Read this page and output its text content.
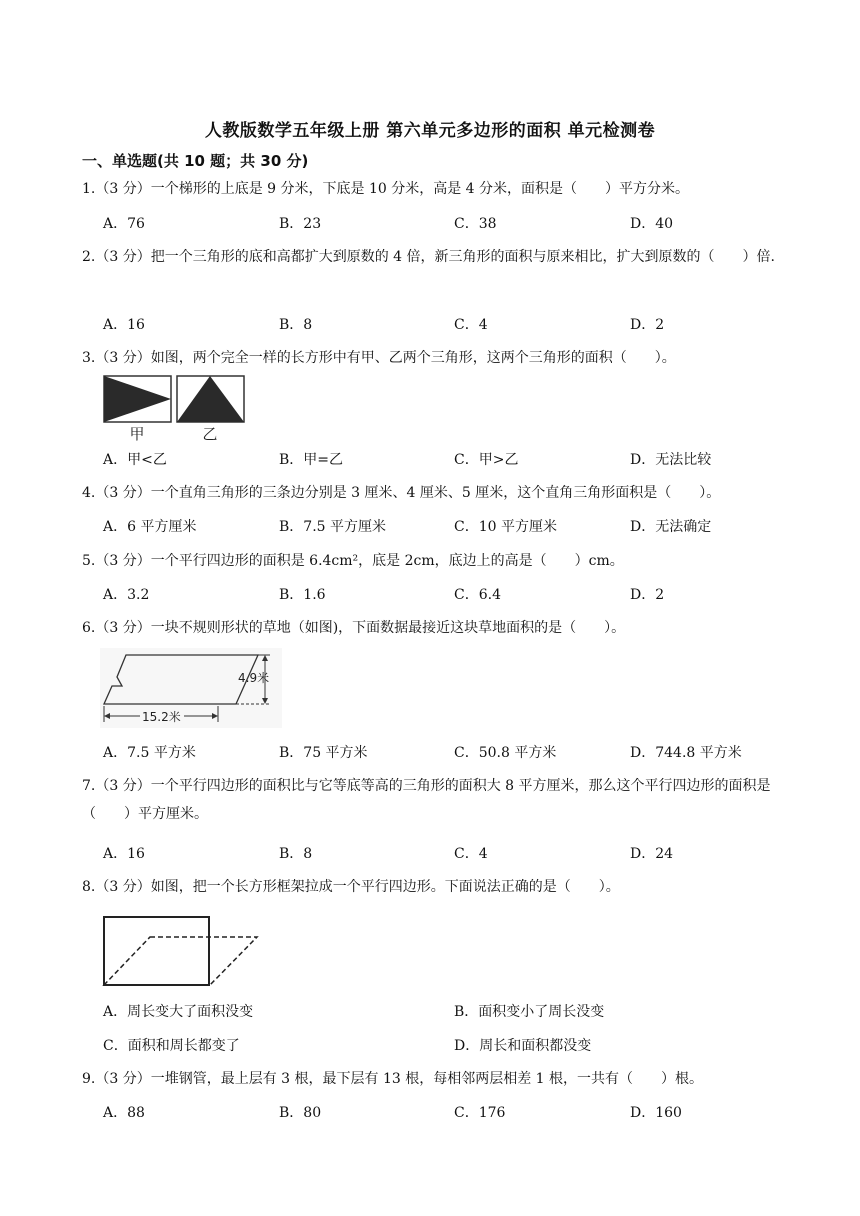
人教版数学五年级上册 第六单元多边形的面积 单元检测卷
一、单选题(共 10 题；共 30 分)
1.（3 分）一个梯形的上底是 9 分米，下底是 10 分米，高是 4 分米，面积是（　　）平方分米。
A．76	B．23	C．38	D．40
2.（3 分）把一个三角形的底和高都扩大到原数的 4 倍，新三角形的面积与原来相比，扩大到原数的（　　）倍.
A．16	B．8	C．4	D．2
3.（3 分）如图，两个完全一样的长方形中有甲、乙两个三角形，这两个三角形的面积（　　）。
甲	乙
A．甲<乙	B．甲=乙	C．甲>乙	D．无法比较
4.（3 分）一个直角三角形的三条边分别是 3 厘米、4 厘米、5 厘米，这个直角三角形面积是（　　）。
A．6 平方厘米	B．7.5 平方厘米	C．10 平方厘米	D．无法确定
5.（3 分）一个平行四边形的面积是 6.4cm²，底是 2cm，底边上的高是（　　）cm。
A．3.2	B．1.6	C．6.4	D．2
6.（3 分）一块不规则形状的草地（如图)，下面数据最接近这块草地面积的是（　　）。
4.9米
15.2米
A．7.5 平方米	B．75 平方米	C．50.8 平方米	D．744.8 平方米
7.（3 分）一个平行四边形的面积比与它等底等高的三角形的面积大 8 平方厘米，那么这个平行四边形的面积是（　　）平方厘米。
A．16	B．8	C．4	D．24
8.（3 分）如图，把一个长方形框架拉成一个平行四边形。下面说法正确的是（　　）。
A．周长变大了面积没变	B．面积变小了周长没变
C．面积和周长都变了	D．周长和面积都没变
9.（3 分）一堆钢管，最上层有 3 根，最下层有 13 根，每相邻两层相差 1 根，一共有（　　）根。
A．88	B．80	C．176	D．160
